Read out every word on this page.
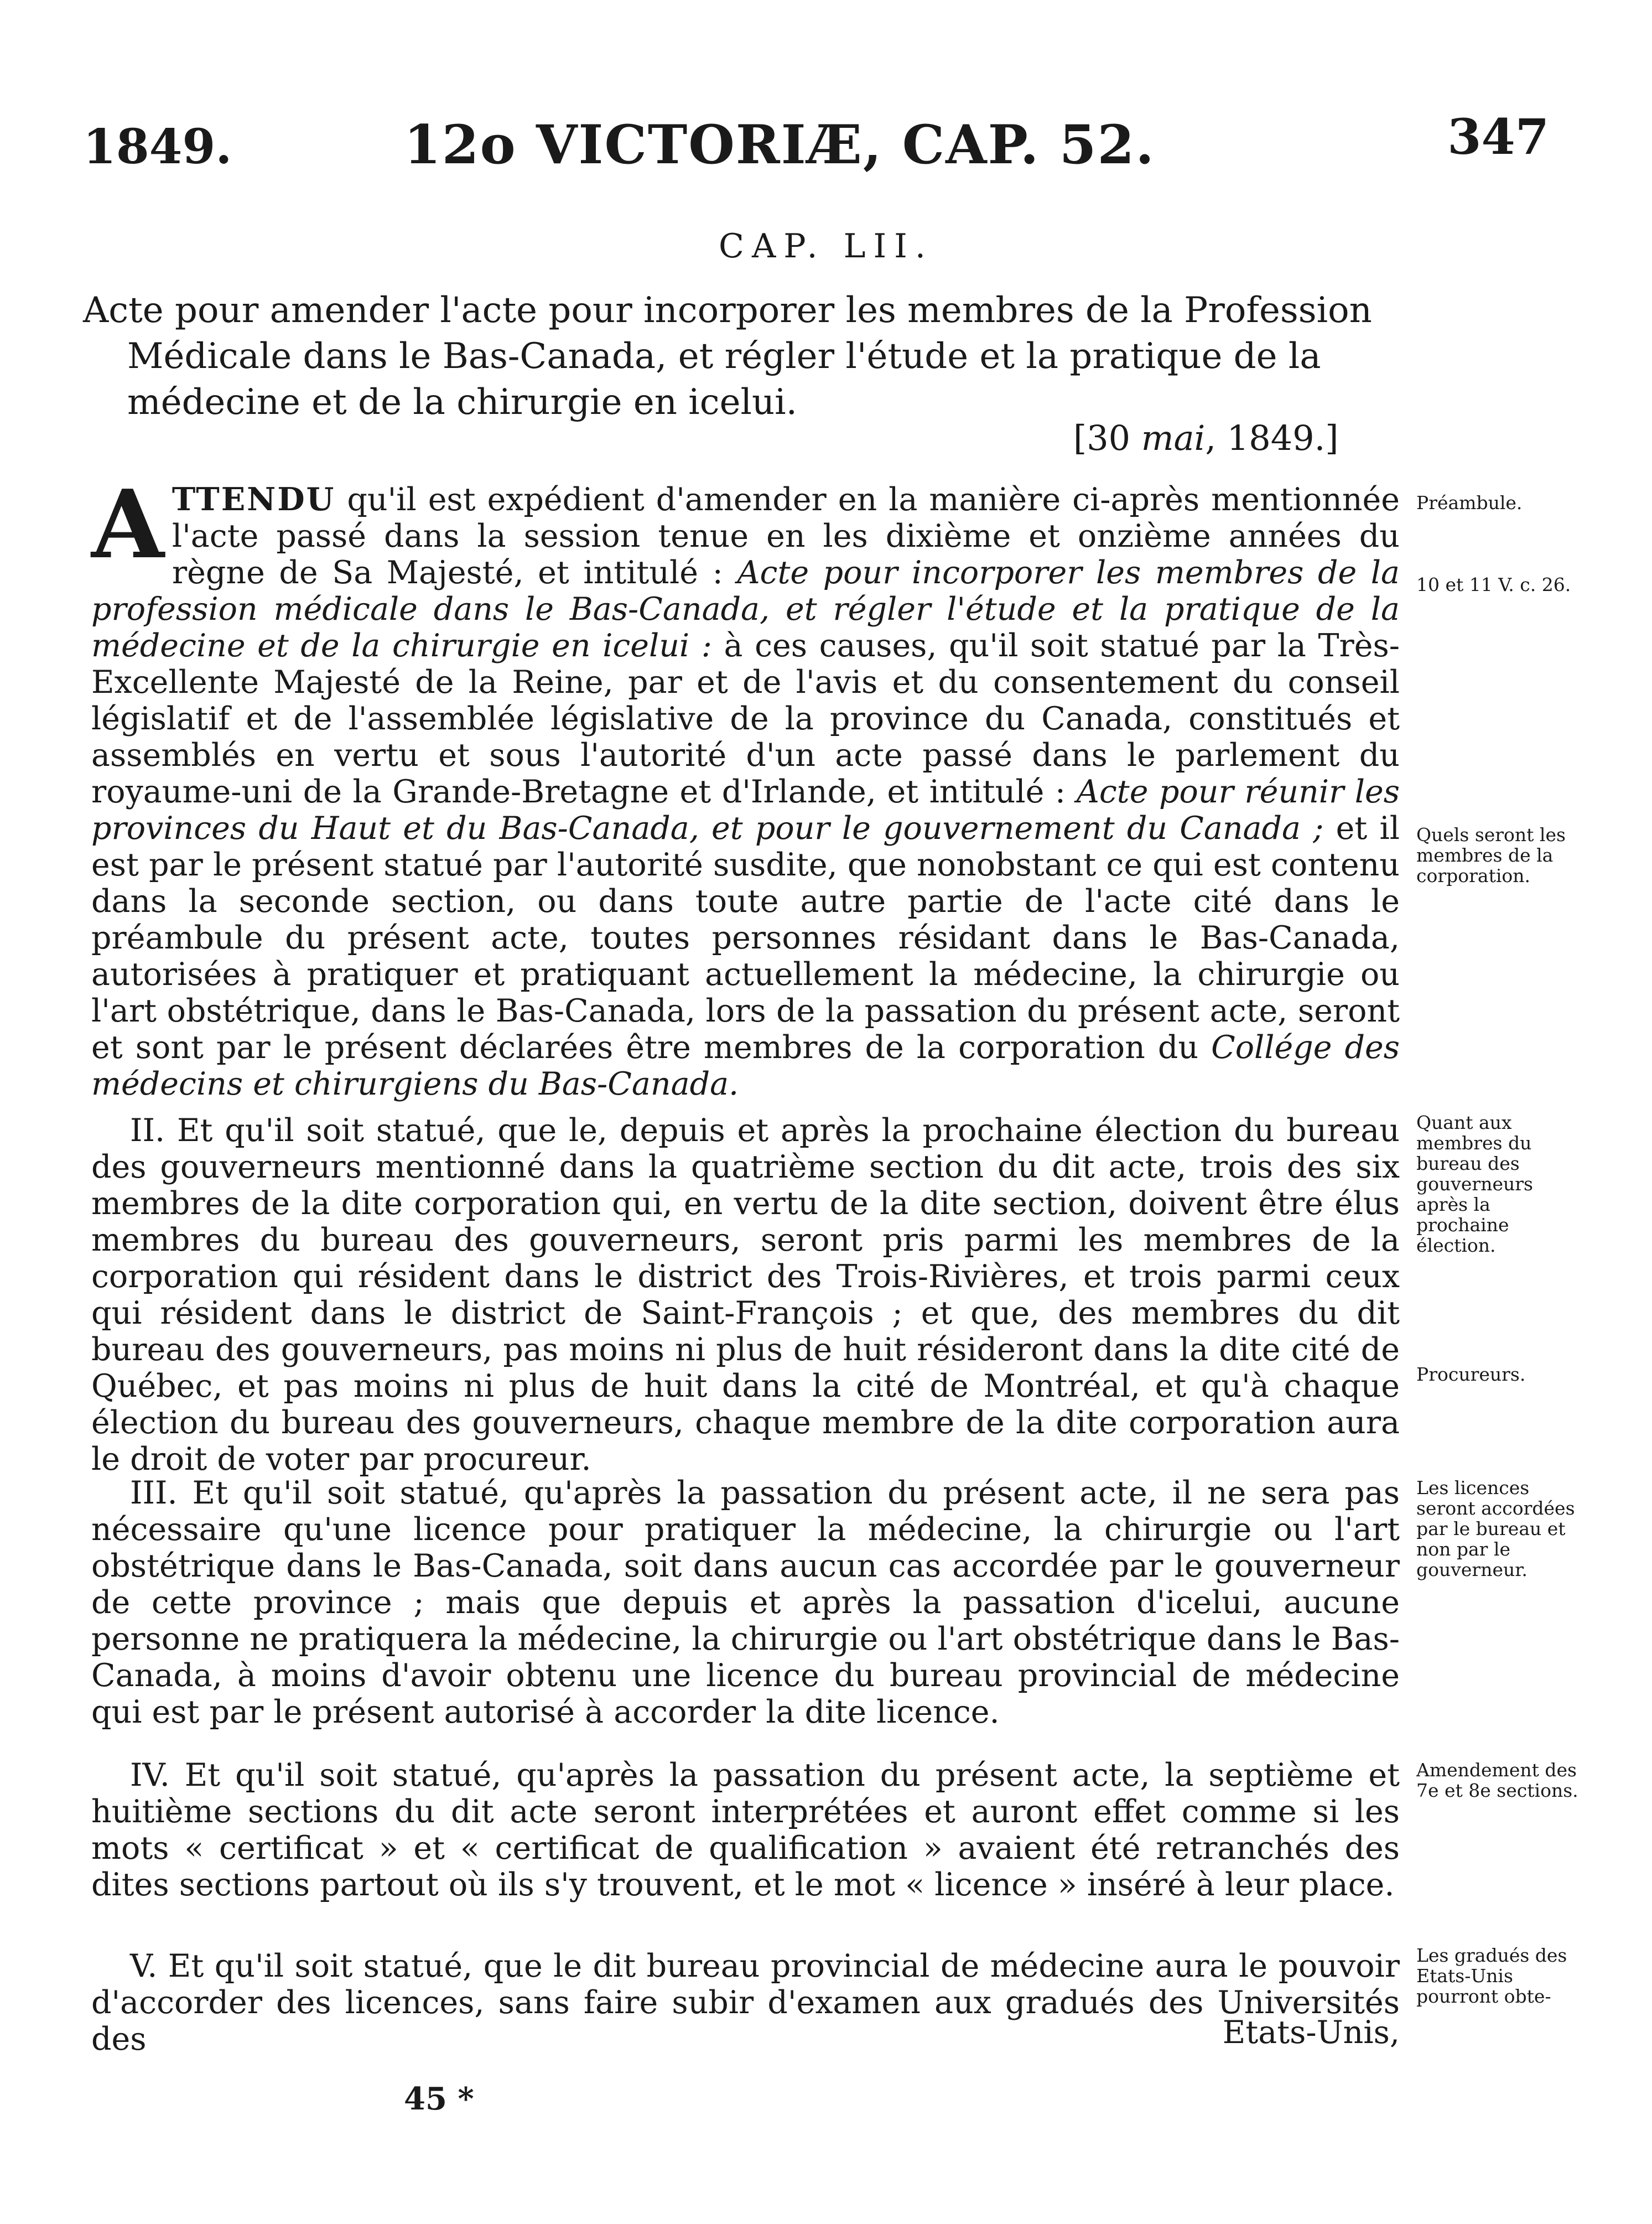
1849.	12o VICTORIÆ, CAP. 52.	347
CAP. LII.
Acte pour amender l'acte pour incorporer les membres de la Profession
Médicale dans le Bas-Canada, et régler l'étude et la pratique de la
médecine et de la chirurgie en icelui.
[30 mai, 1849.]

ATTENDU qu'il est expédient d'amender en la manière ci-après mentionnée l'acte passé dans la session tenue en les dixième et onzième années du règne de Sa Majesté, et intitulé : Acte pour incorporer les membres de la profession médicale dans le Bas-Canada, et régler l'étude et la pratique de la médecine et de la chirurgie en icelui : à ces causes, qu'il soit statué par la Très-Excellente Majesté de la Reine, par et de l'avis et du consentement du conseil législatif et de l'assemblée législative de la province du Canada, constitués et assemblés en vertu et sous l'autorité d'un acte passé dans le parlement du royaume-uni de la Grande-Bretagne et d'Irlande, et intitulé : Acte pour réunir les provinces du Haut et du Bas-Canada, et pour le gouvernement du Canada ; et il est par le présent statué par l'autorité susdite, que nonobstant ce qui est contenu dans la seconde section, ou dans toute autre partie de l'acte cité dans le préambule du présent acte, toutes personnes résidant dans le Bas-Canada, autorisées à pratiquer et pratiquant actuellement la médecine, la chirurgie ou l'art obstétrique, dans le Bas-Canada, lors de la passation du présent acte, seront et sont par le présent déclarées être membres de la corporation du Collége des médecins et chirurgiens du Bas-Canada.

II. Et qu'il soit statué, que le, depuis et après la prochaine élection du bureau des gouverneurs mentionné dans la quatrième section du dit acte, trois des six membres de la dite corporation qui, en vertu de la dite section, doivent être élus membres du bureau des gouverneurs, seront pris parmi les membres de la corporation qui résident dans le district des Trois-Rivières, et trois parmi ceux qui résident dans le district de Saint-François ; et que, des membres du dit bureau des gouverneurs, pas moins ni plus de huit résideront dans la dite cité de Québec, et pas moins ni plus de huit dans la cité de Montréal, et qu'à chaque élection du bureau des gouverneurs, chaque membre de la dite corporation aura le droit de voter par procureur.

III. Et qu'il soit statué, qu'après la passation du présent acte, il ne sera pas nécessaire qu'une licence pour pratiquer la médecine, la chirurgie ou l'art obstétrique dans le Bas-Canada, soit dans aucun cas accordée par le gouverneur de cette province ; mais que depuis et après la passation d'icelui, aucune personne ne pratiquera la médecine, la chirurgie ou l'art obstétrique dans le Bas-Canada, à moins d'avoir obtenu une licence du bureau provincial de médecine qui est par le présent autorisé à accorder la dite licence.

IV. Et qu'il soit statué, qu'après la passation du présent acte, la septième et huitième sections du dit acte seront interprétées et auront effet comme si les mots « certificat » et « certificat de qualification » avaient été retranchés des dites sections partout où ils s'y trouvent, et le mot « licence » inséré à leur place.

V. Et qu'il soit statué, que le dit bureau provincial de médecine aura le pouvoir d'accorder des licences, sans faire subir d'examen aux gradués des Universités des	Etats-Unis,
45 *
Préambule.
10 et 11 V. c. 26.
Quels seront les membres de la corporation.
Quant aux membres du bureau des gouverneurs après la prochaine élection.
Procureurs.
Les licences seront accordées par le bureau et non par le gouverneur.
Amendement des 7e et 8e sections.
Les gradués des Etats-Unis pourront obte-
